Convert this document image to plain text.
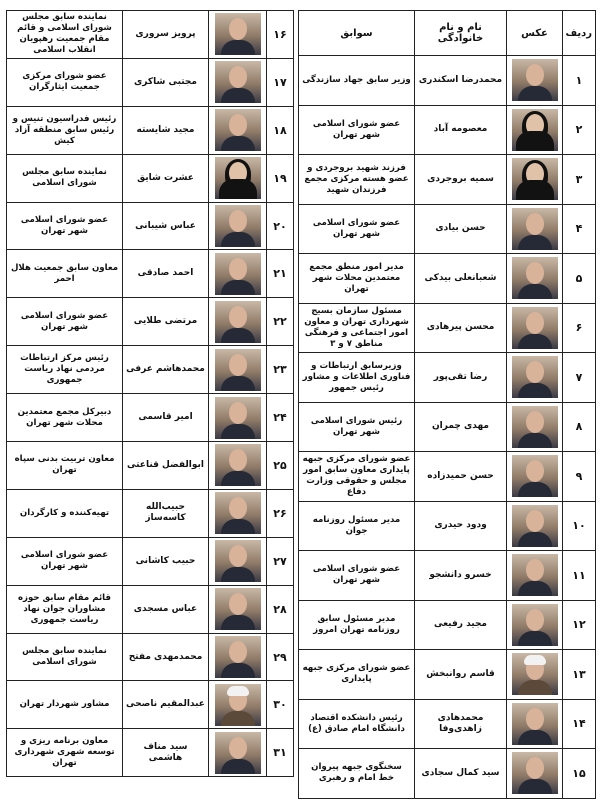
ردیف	عکس	نام و نام خانوادگی	سوابق
۱		محمدرضا اسکندری	وزیر سابق جهاد سازندگی
۲		معصومه آباد	عضو شورای اسلامی شهر تهران
۳		سمیه بروجردی	فرزند شهید بروجردی و عضو هسته مرکزی مجمع فرزندان شهید
۴		حسن بیادی	عضو شورای اسلامی شهر تهران
۵		شعبانعلی بیدکی	مدیر امور منطق مجمع معتمدین محلات شهر تهران
۶		محسن پیرهادی	مسئول سازمان بسیج شهرداری تهران و معاون امور اجتماعی و فرهنگی مناطق ۷ و ۳
۷		رضا تقی‌پور	وزیرسابق ارتباطات و فناوری اطلاعات و مشاور رئیس جمهور
۸		مهدی چمران	رئیس شورای اسلامی شهر تهران
۹		حسن حمیدزاده	عضو شورای مرکزی جبهه پایداری معاون سابق امور مجلس و حقوقی وزارت دفاع
۱۰		ودود حیدری	مدیر مسئول روزنامه جوان
۱۱		خسرو دانشجو	عضو شورای اسلامی شهر تهران
۱۲		مجید رفیعی	مدیر مسئول سابق روزنامه تهران امروز
۱۳		قاسم روانبخش	عضو شورای مرکزی جبهه پایداری
۱۴		محمدهادی زاهدی‌وفا	رئیس دانشکده اقتصاد دانشگاه امام صادق (ع)
۱۵		سید کمال سجادی	سخنگوی جبهه پیروان خط امام و رهبری
۱۶		پرویز سروری	نماینده سابق مجلس شورای اسلامی و قائم مقام جمعیت رهپویان انقلاب اسلامی
۱۷		مجتبی شاکری	عضو شورای مرکزی جمعیت ایثارگران
۱۸		مجید شایسته	رئیس فدراسیون تنیس و رئیس سابق منطقه آزاد کیش
۱۹		عشرت شایق	نماینده سابق مجلس شورای اسلامی
۲۰		عباس شیبانی	عضو شورای اسلامی شهر تهران
۲۱		احمد صادقی	معاون سابق جمعیت هلال احمر
۲۲		مرتضی طلایی	عضو شورای اسلامی شهر تهران
۲۳		محمدهاشم عرفی	رئیس مرکز ارتباطات مردمی نهاد ریاست جمهوری
۲۴		امیر قاسمی	دبیرکل مجمع معتمدین محلات شهر تهران
۲۵		ابوالفضل قناعتی	معاون تربیت بدنی سپاه تهران
۲۶		حبیب‌الله کاسه‌ساز	تهیه‌کننده و کارگردان
۲۷		حبیب کاشانی	عضو شورای اسلامی شهر تهران
۲۸		عباس مسجدی	قائم مقام سابق حوزه مشاوران جوان نهاد ریاست جمهوری
۲۹		محمدمهدی مفتح	نماینده سابق مجلس شورای اسلامی
۳۰		عبدالمقیم ناصحی	مشاور شهردار تهران
۳۱		سید مناف هاشمی	معاون برنامه ریزی و توسعه شهری شهرداری تهران
